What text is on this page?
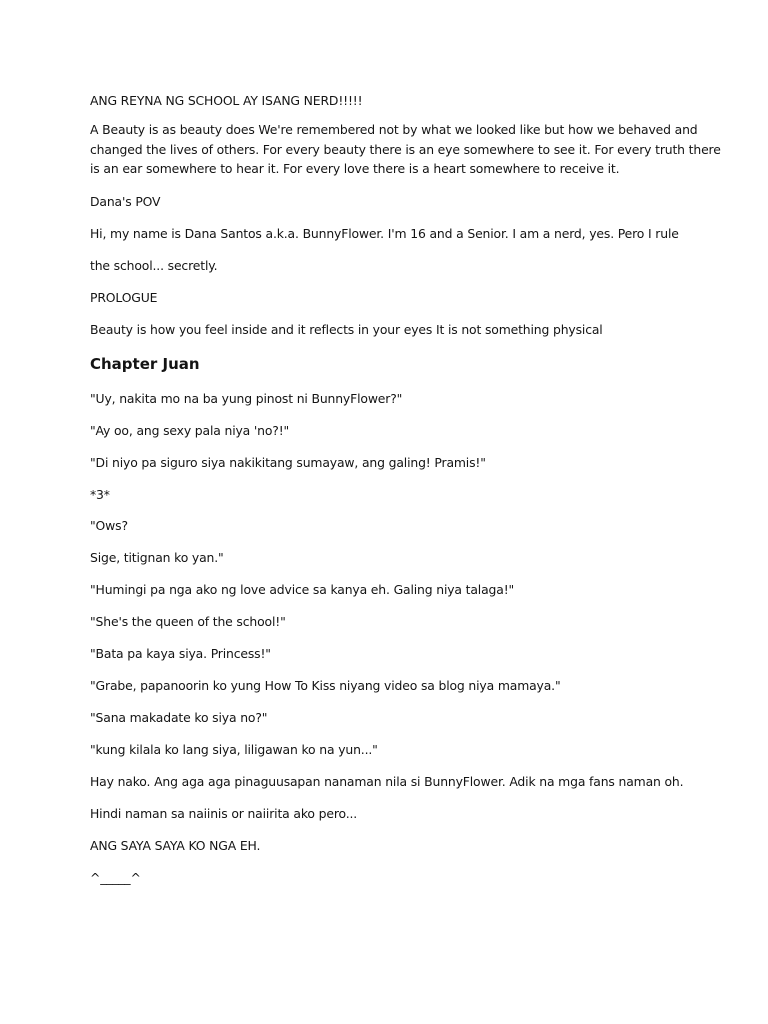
ANG REYNA NG SCHOOL AY ISANG NERD!!!!!
A Beauty is as beauty does We're remembered not by what we looked like but how we behaved and
changed the lives of others. For every beauty there is an eye somewhere to see it. For every truth there
is an ear somewhere to hear it. For every love there is a heart somewhere to receive it.
Dana's POV
Hi, my name is Dana Santos a.k.a. BunnyFlower. I'm 16 and a Senior. I am a nerd, yes. Pero I rule
the school... secretly.
PROLOGUE
Beauty is how you feel inside and it reflects in your eyes It is not something physical
Chapter Juan
"Uy, nakita mo na ba yung pinost ni BunnyFlower?"
"Ay oo, ang sexy pala niya 'no?!"
"Di niyo pa siguro siya nakikitang sumayaw, ang galing! Pramis!"
*3*
"Ows?
Sige, titignan ko yan."
"Humingi pa nga ako ng love advice sa kanya eh. Galing niya talaga!"
"She's the queen of the school!"
"Bata pa kaya siya. Princess!"
"Grabe, papanoorin ko yung How To Kiss niyang video sa blog niya mamaya."
"Sana makadate ko siya no?"
"kung kilala ko lang siya, liligawan ko na yun..."
Hay nako. Ang aga aga pinaguusapan nanaman nila si BunnyFlower. Adik na mga fans naman oh.
Hindi naman sa naiinis or naiirita ako pero...
ANG SAYA SAYA KO NGA EH.
^_____^
